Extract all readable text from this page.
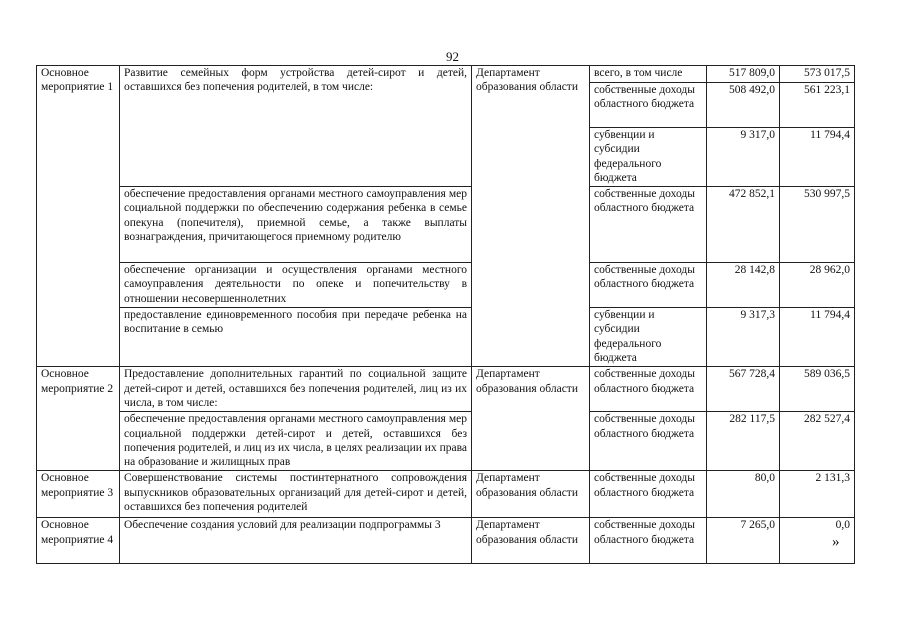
92
Основное мероприятие 1	Развитие семейных форм устройства детей-сирот и детей, оставшихся без попечения родителей, в том числе:	Департамент образования области	всего, в том числе	517 809,0	573 017,5
			собственные доходы областного бюджета	508 492,0	561 223,1
			субвенции и субсидии федерального бюджета	9 317,0	11 794,4
	обеспечение предоставления органами местного самоуправления мер социальной поддержки по обеспечению содержания ребенка в семье опекуна (попечителя), приемной семье, а также выплаты вознаграждения, причитающегося приемному родителю		собственные доходы областного бюджета	472 852,1	530 997,5
	обеспечение организации и осуществления органами местного самоуправления деятельности по опеке и попечительству в отношении несовершеннолетних		собственные доходы областного бюджета	28 142,8	28 962,0
	предоставление единовременного пособия при передаче ребенка на воспитание в семью		субвенции и субсидии федерального бюджета	9 317,3	11 794,4
Основное мероприятие 2	Предоставление дополнительных гарантий по социальной защите детей-сирот и детей, оставшихся без попечения родителей, лиц из их числа, в том числе:	Департамент образования области	собственные доходы областного бюджета	567 728,4	589 036,5
	обеспечение предоставления органами местного самоуправления мер социальной поддержки детей-сирот и детей, оставшихся без попечения родителей, и лиц из их числа, в целях реализации их права на образование и жилищных прав		собственные доходы областного бюджета	282 117,5	282 527,4
Основное мероприятие 3	Совершенствование системы постинтернатного сопровождения выпускников образовательных организаций для детей-сирот и детей, оставшихся без попечения родителей	Департамент образования области	собственные доходы областного бюджета	80,0	2 131,3
Основное мероприятие 4	Обеспечение создания условий для реализации подпрограммы 3	Департамент образования области	собственные доходы областного бюджета	7 265,0	0,0
»
